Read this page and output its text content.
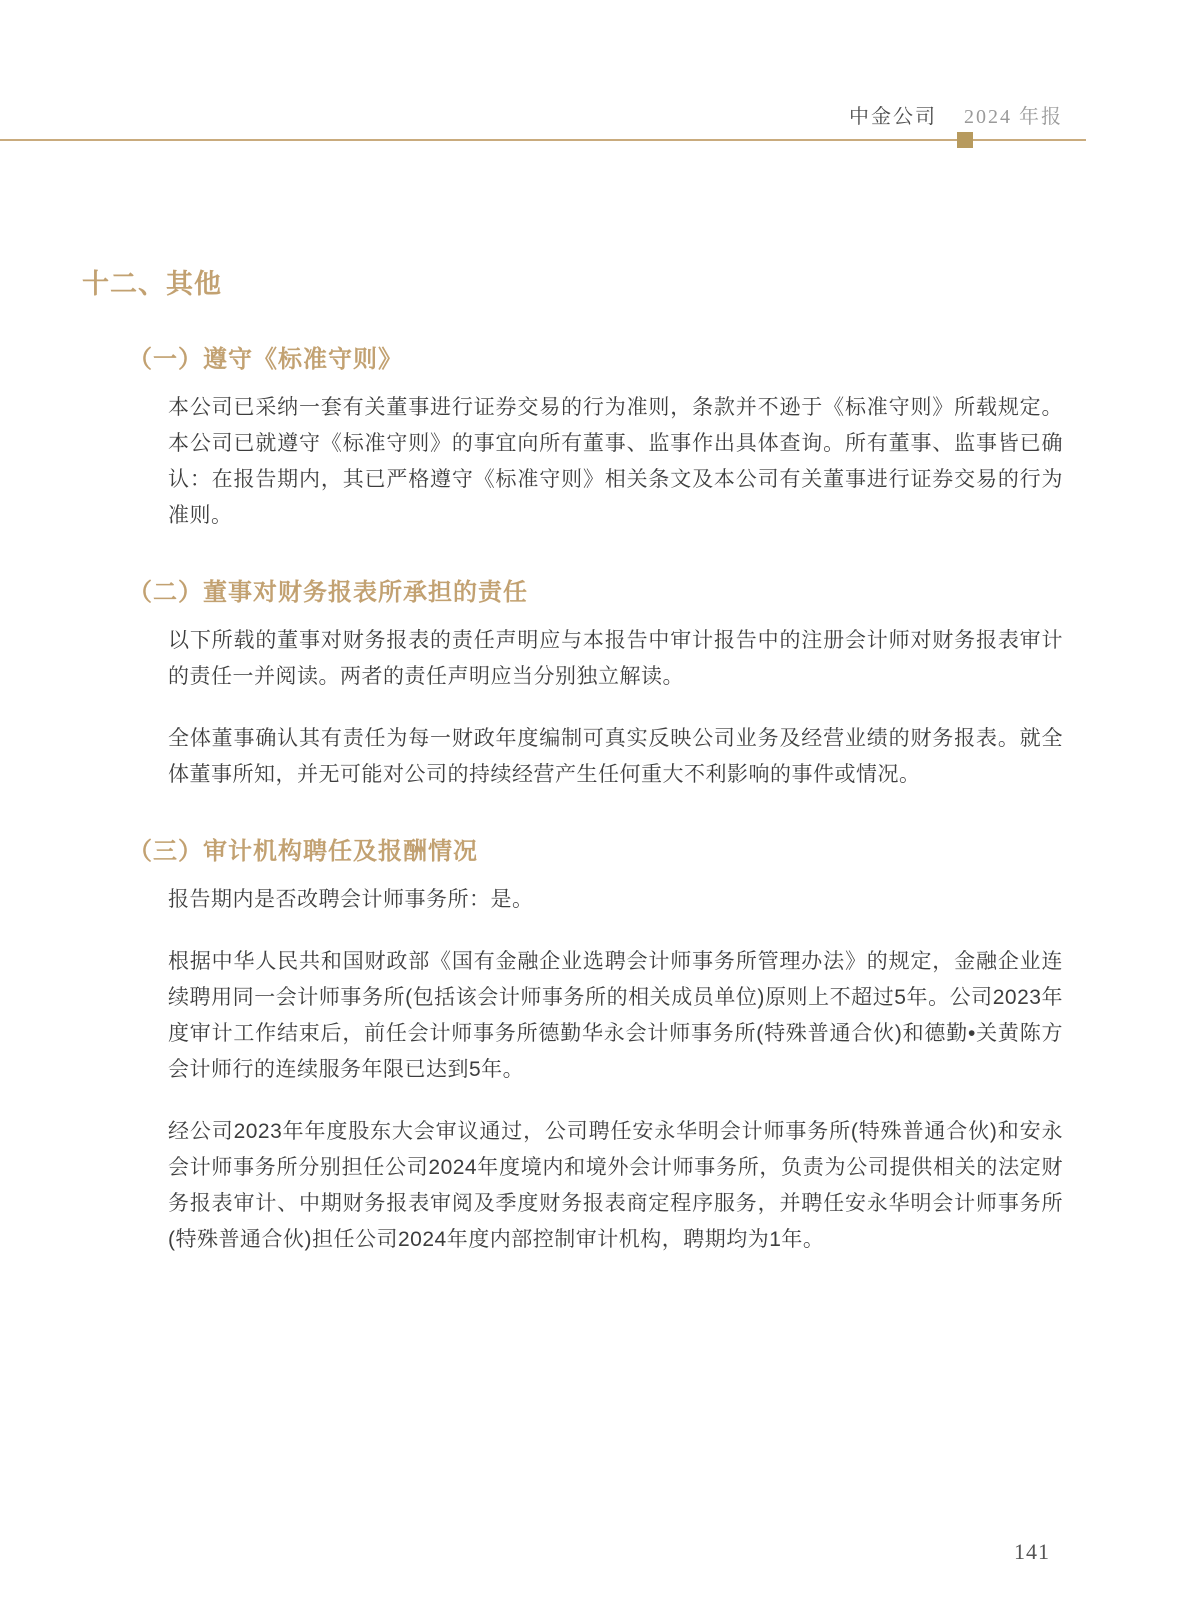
中金公司 2024 年报
十二、其他
（一）遵守《标准守则》

本公司已采纳一套有关董事进行证券交易的行为准则，条款并不逊于《标准守则》所载规定。本公司已就遵守《标准守则》的事宜向所有董事、监事作出具体查询。所有董事、监事皆已确认：在报告期内，其已严格遵守《标准守则》相关条文及本公司有关董事进行证券交易的行为准则。

（二）董事对财务报表所承担的责任

以下所载的董事对财务报表的责任声明应与本报告中审计报告中的注册会计师对财务报表审计的责任一并阅读。两者的责任声明应当分别独立解读。

全体董事确认其有责任为每一财政年度编制可真实反映公司业务及经营业绩的财务报表。就全体董事所知，并无可能对公司的持续经营产生任何重大不利影响的事件或情况。

（三）审计机构聘任及报酬情况

报告期内是否改聘会计师事务所：是。

根据中华人民共和国财政部《国有金融企业选聘会计师事务所管理办法》的规定，金融企业连续聘用同一会计师事务所(包括该会计师事务所的相关成员单位)原则上不超过5年。公司2023年度审计工作结束后，前任会计师事务所德勤华永会计师事务所(特殊普通合伙)和德勤•关黄陈方会计师行的连续服务年限已达到5年。

经公司2023年年度股东大会审议通过，公司聘任安永华明会计师事务所(特殊普通合伙)和安永会计师事务所分别担任公司2024年度境内和境外会计师事务所，负责为公司提供相关的法定财务报表审计、中期财务报表审阅及季度财务报表商定程序服务，并聘任安永华明会计师事务所(特殊普通合伙)担任公司2024年度内部控制审计机构，聘期均为1年。

141
